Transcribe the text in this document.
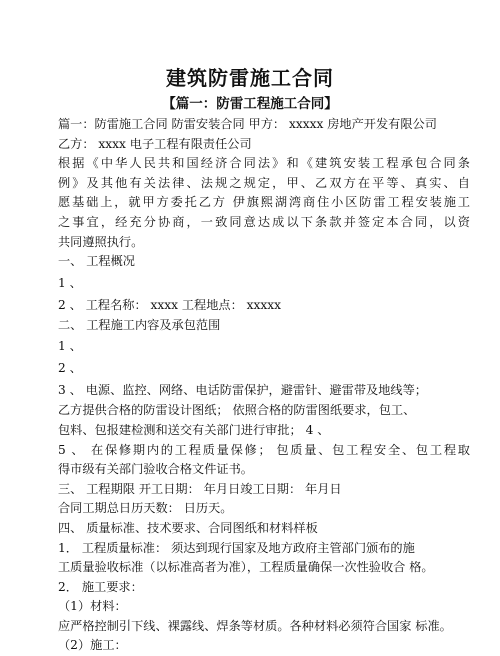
建筑防雷施工合同
【篇一：防雷工程施工合同】
篇一：防雷施工合同 防雷安装合同 甲方： xxxxx 房地产开发有限公司
乙方： xxxx 电子工程有限责任公司
根据《中华人民共和国经济合同法》和《建筑安装工程承包合同条
例》及其他有关法律、法规之规定，甲、乙双方在平等、真实、自
愿基础上，就甲方委托乙方 伊旗熙湖湾商住小区防雷工程安装施工
之事宜，经充分协商，一致同意达成以下条款并签定本合同，以资
共同遵照执行。
一、 工程概况
1 、
2 、 工程名称： xxxx 工程地点： xxxxx
二、 工程施工内容及承包范围
1 、
2 、
3 、 电源、监控、网络、电话防雷保护，避雷针、避雷带及地线等；
乙方提供合格的防雷设计图纸； 依照合格的防雷图纸要求，包工、
包料、包报建检测和送交有关部门进行审批； 4 、
5 、 在保修期内的工程质量保修； 包质量、包工程安全、包工程取
得市级有关部门验收合格文件证书。
三、 工程期限 开工日期： 年月日竣工日期： 年月日
合同工期总日历天数： 日历天。
四、 质量标准、技术要求、合同图纸和材料样板
1． 工程质量标准： 须达到现行国家及地方政府主管部门颁布的施
工质量验收标准（以标准高者为准），工程质量确保一次性验收合 格。
2． 施工要求：
（1）材料：
应严格控制引下线、裸露线、焊条等材质。各种材料必须符合国家 标准。
（2）施工：
